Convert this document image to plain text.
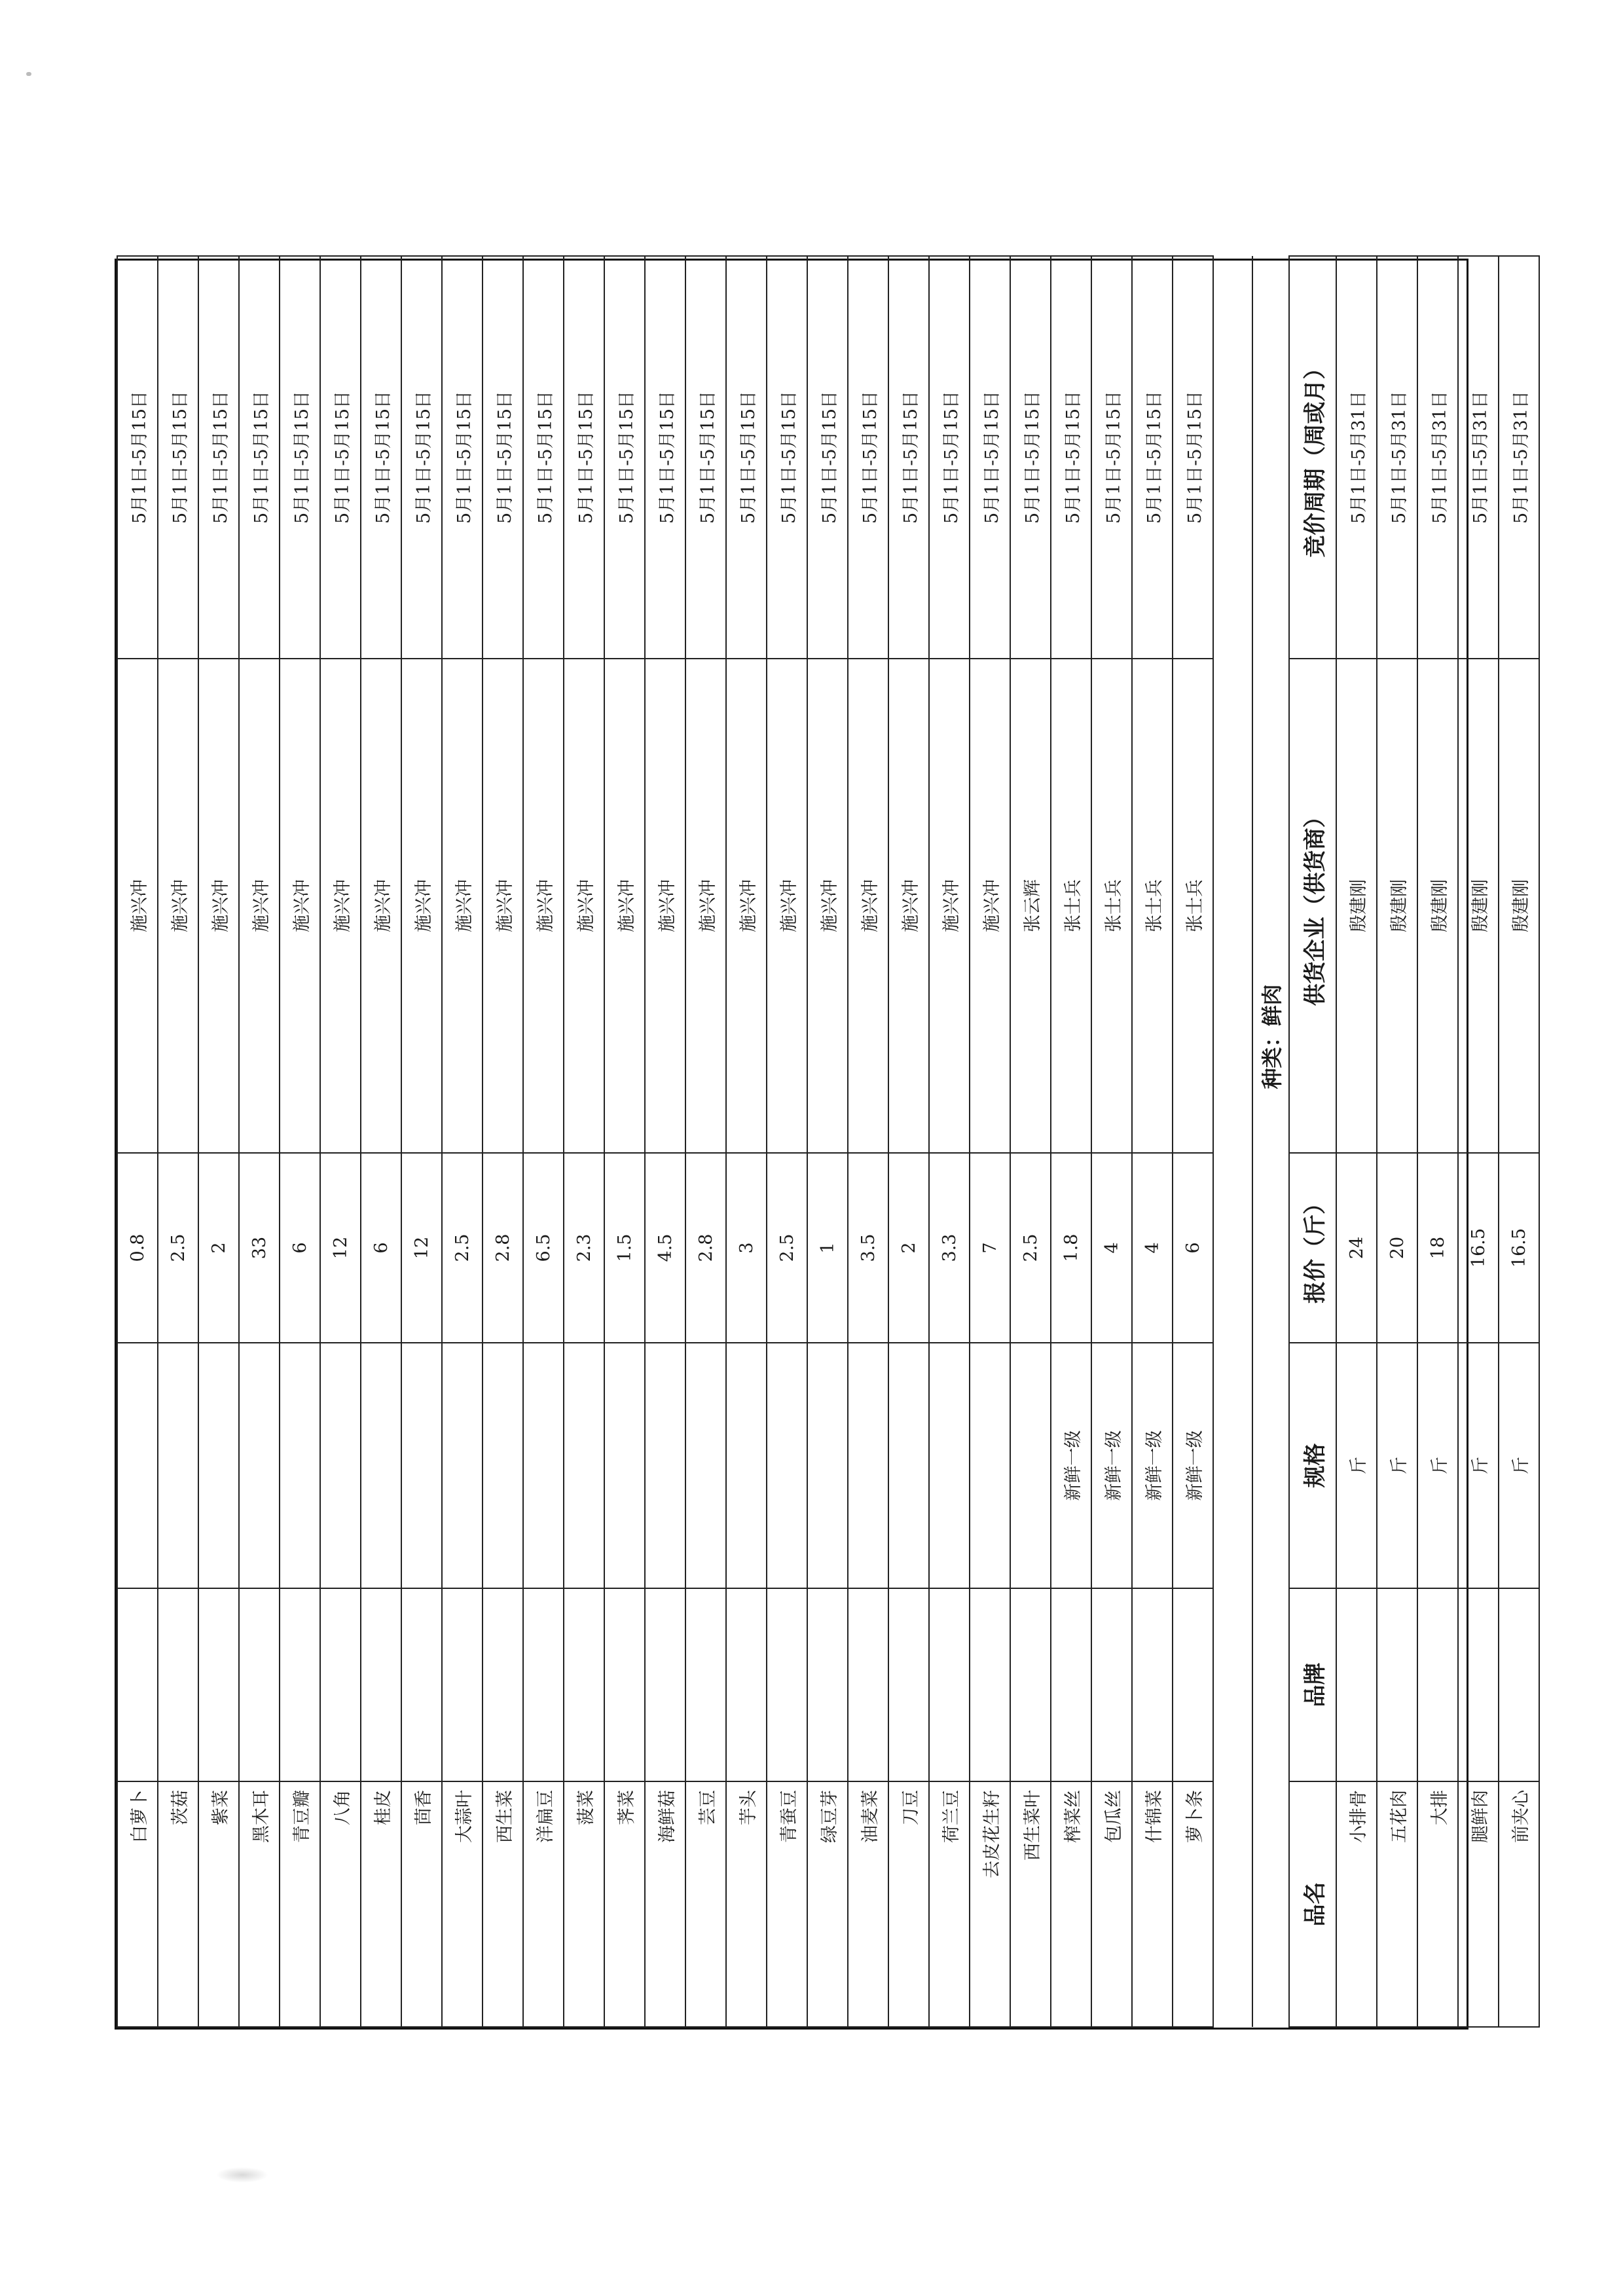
白萝卜			0.8	施兴冲	5月1日-5月15日
茨菇			2.5	施兴冲	5月1日-5月15日
紫菜			2	施兴冲	5月1日-5月15日
黑木耳			33	施兴冲	5月1日-5月15日
青豆瓣			6	施兴冲	5月1日-5月15日
八角			12	施兴冲	5月1日-5月15日
桂皮			6	施兴冲	5月1日-5月15日
茴香			12	施兴冲	5月1日-5月15日
大蒜叶			2.5	施兴冲	5月1日-5月15日
西生菜			2.8	施兴冲	5月1日-5月15日
洋扁豆			6.5	施兴冲	5月1日-5月15日
菠菜			2.3	施兴冲	5月1日-5月15日
荠菜			1.5	施兴冲	5月1日-5月15日
海鲜菇			4.5	施兴冲	5月1日-5月15日
芸豆			2.8	施兴冲	5月1日-5月15日
芋头			3	施兴冲	5月1日-5月15日
青蚕豆			2.5	施兴冲	5月1日-5月15日
绿豆芽			1	施兴冲	5月1日-5月15日
油麦菜			3.5	施兴冲	5月1日-5月15日
刀豆			2	施兴冲	5月1日-5月15日
荷兰豆			3.3	施兴冲	5月1日-5月15日
去皮花生籽			7	施兴冲	5月1日-5月15日
西生菜叶			2.5	张云辉	5月1日-5月15日
榨菜丝		新鲜一级	1.8	张士兵	5月1日-5月15日
包瓜丝		新鲜一级	4	张士兵	5月1日-5月15日
什锦菜		新鲜一级	4	张士兵	5月1日-5月15日
萝卜条		新鲜一级	6	张士兵	5月1日-5月15日

种类：鲜肉					
品名	品牌	规格	报价（斤）	供货企业（供货商）	竞价周期（周或月）
小排骨		斤	24	殷建刚	5月1日-5月31日
五花肉		斤	20	殷建刚	5月1日-5月31日
大排		斤	18	殷建刚	5月1日-5月31日
腿鲜肉		斤	16.5	殷建刚	5月1日-5月31日
前夹心		斤	16.5	殷建刚	5月1日-5月31日
